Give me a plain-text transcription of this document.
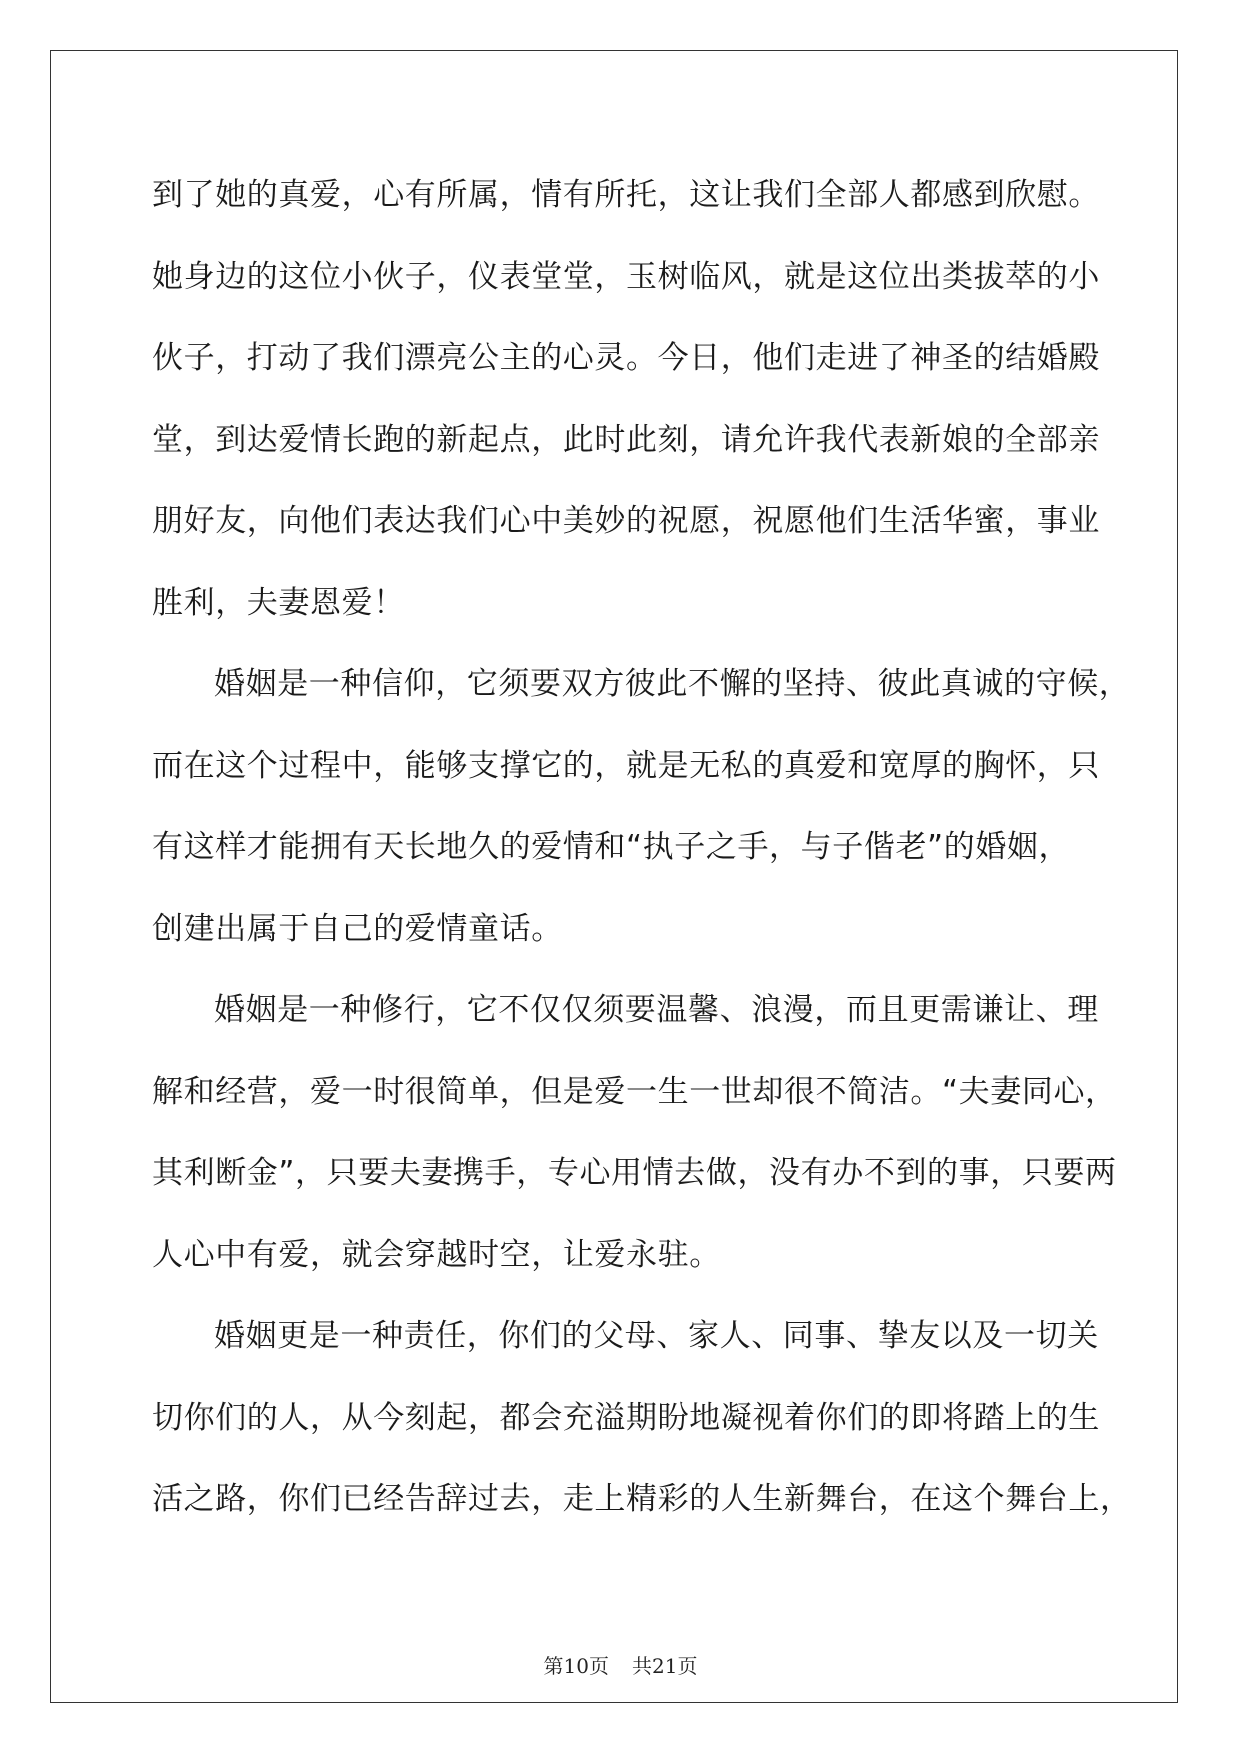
到了她的真爱，心有所属，情有所托，这让我们全部人都感到欣慰。
她身边的这位小伙子，仪表堂堂，玉树临风，就是这位出类拔萃的小
伙子，打动了我们漂亮公主的心灵。今日，他们走进了神圣的结婚殿
堂，到达爱情长跑的新起点，此时此刻，请允许我代表新娘的全部亲
朋好友，向他们表达我们心中美妙的祝愿，祝愿他们生活华蜜，事业
胜利，夫妻恩爱！
婚姻是一种信仰，它须要双方彼此不懈的坚持、彼此真诚的守候，
而在这个过程中，能够支撑它的，就是无私的真爱和宽厚的胸怀，只
有这样才能拥有天长地久的爱情和“执子之手，与子偕老”的婚姻，
创建出属于自己的爱情童话。
婚姻是一种修行，它不仅仅须要温馨、浪漫，而且更需谦让、理
解和经营，爱一时很简单，但是爱一生一世却很不简洁。“夫妻同心，
其利断金”，只要夫妻携手，专心用情去做，没有办不到的事，只要两
人心中有爱，就会穿越时空，让爱永驻。
婚姻更是一种责任，你们的父母、家人、同事、挚友以及一切关
切你们的人，从今刻起，都会充溢期盼地凝视着你们的即将踏上的生
活之路，你们已经告辞过去，走上精彩的人生新舞台，在这个舞台上，
第10页 共21页
